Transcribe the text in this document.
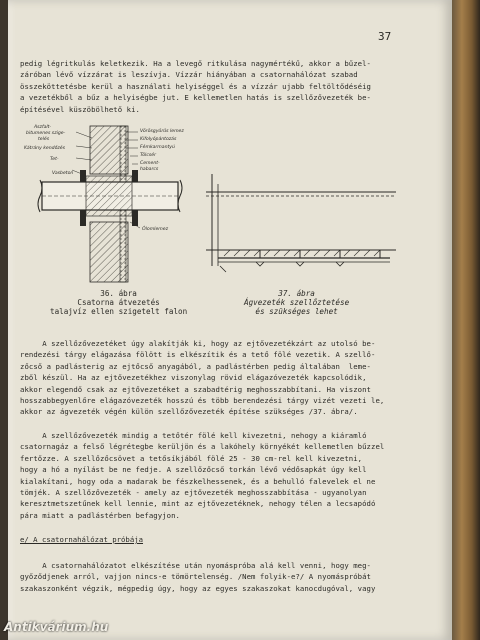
37

pedig légritkulás keletkezik. Ha a levegő ritkulása nagymértékű, akkor a bűzel-

záróban lévő vízzárat is leszívja. Vízzár hiányában a csatornahálózat szabad

összeköttetésbe kerül a használati helyiséggel és a vízzár ujabb feltöltődéséig

a vezetékből a bűz a helyiségbe jut. E kellemetlen hatás is szellőzővezeték be-

építésével küszöbölhető ki.

Aszfalt-
bitumenes szige-
telés
Kátrány kendőzés
Tet-
Vasbeton
Vörösgyűrűs lemez
Kifolyópántozás
Fémkarmantyú
Tölcsér
Cement-
habarcs
Ólomlemez
36. ábra
Csatorna átvezetés
talajvíz ellen szigetelt falon
37. ábra
Ágvezeték szellőztetése
és szükséges lehet

A szellőzővezetéket úgy alakítják ki, hogy az ejtővezetékzárt az utolsó be-

rendezési tárgy elágazása fölött is elkészítik és a tető fölé vezetik. A szellő-

zőcső a padlásterig az ejtőcső anyagából, a padlástérben pedig általában  leme-

zből készül. Ha az ejtővezetékhez viszonylag rövid elágazóvezeték kapcsolódik,

akkor elegendő csak az ejtővezetéket a szabadtérig meghosszabbítani. Ha viszont

hosszabbegyenlőre elágazóvezeték hosszú és több berendezési tárgy vizét vezeti le,

akkor az ágvezeték végén külön szellőzővezeték építése szükséges /37. ábra/.

A szellőzővezeték mindig a tetőtér fölé kell kivezetni, nehogy a kiáramló

csatornagáz a felső légrétegbe kerüljön és a lakóhely környékét kellemetlen bűzzel

fertőzze. A szellőzőcsövet a tetősíkjából fölé 25 - 30 cm-rel kell kivezetni,

hogy a hó a nyílást be ne fedje. A szellőzőcső torkán lévő védősapkát úgy kell

kialakítani, hogy oda a madarak be fészkelhessenek, és a behulló falevelek el ne

tömjék. A szellőzővezeték - amely az ejtővezeték meghosszabbítása - ugyanolyan

keresztmetszetűnek kell lennie, mint az ejtővezetéknek, nehogy télen a lecsapódó

pára miatt a padlástérben befagyjon.

e/ A csatornahálózat próbája

A csatornahálózatot elkészítése után nyomáspróba alá kell venni, hogy meg-

győződjenek arról, vajjon nincs-e tömörtelenség. /Nem folyik-e?/ A nyomáspróbát

szakaszonként végzik, mégpedig úgy, hogy az egyes szakaszokat kanocdugóval, vagy

Antikvárium.hu
